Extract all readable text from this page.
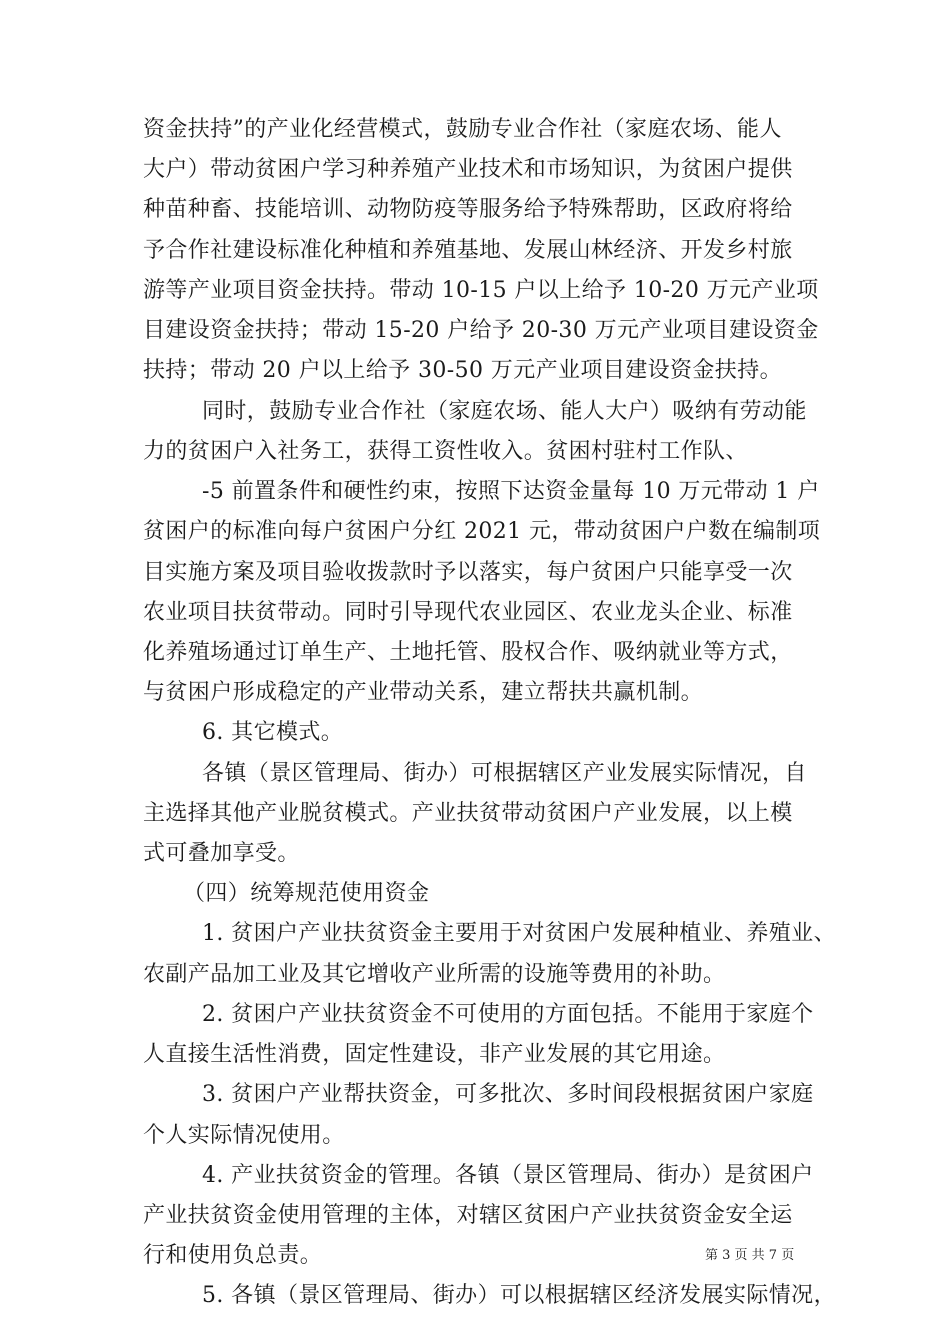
资金扶持”的产业化经营模式，鼓励专业合作社（家庭农场、能人
大户）带动贫困户学习种养殖产业技术和市场知识，为贫困户提供
种苗种畜、技能培训、动物防疫等服务给予特殊帮助，区政府将给
予合作社建设标准化种植和养殖基地、发展山林经济、开发乡村旅
游等产业项目资金扶持。带动 10-15 户以上给予 10-20 万元产业项
目建设资金扶持；带动 15-20 户给予 20-30 万元产业项目建设资金
扶持；带动 20 户以上给予 30-50 万元产业项目建设资金扶持。
同时，鼓励专业合作社（家庭农场、能人大户）吸纳有劳动能
力的贫困户入社务工，获得工资性收入。贫困村驻村工作队、
-5 前置条件和硬性约束，按照下达资金量每 10 万元带动 1 户
贫困户的标准向每户贫困户分红 2021 元，带动贫困户户数在编制项
目实施方案及项目验收拨款时予以落实，每户贫困户只能享受一次
农业项目扶贫带动。同时引导现代农业园区、农业龙头企业、标准
化养殖场通过订单生产、土地托管、股权合作、吸纳就业等方式，
与贫困户形成稳定的产业带动关系，建立帮扶共赢机制。
6. 其它模式。
各镇（景区管理局、街办）可根据辖区产业发展实际情况，自
主选择其他产业脱贫模式。产业扶贫带动贫困户产业发展，以上模
式可叠加享受。
（四）统筹规范使用资金
1. 贫困户产业扶贫资金主要用于对贫困户发展种植业、养殖业、
农副产品加工业及其它增收产业所需的设施等费用的补助。
2. 贫困户产业扶贫资金不可使用的方面包括。不能用于家庭个
人直接生活性消费，固定性建设，非产业发展的其它用途。
3. 贫困户产业帮扶资金，可多批次、多时间段根据贫困户家庭
个人实际情况使用。
4. 产业扶贫资金的管理。各镇（景区管理局、街办）是贫困户
产业扶贫资金使用管理的主体，对辖区贫困户产业扶贫资金安全运
行和使用负总责。
5. 各镇（景区管理局、街办）可以根据辖区经济发展实际情况，
第 3 页 共 7 页
